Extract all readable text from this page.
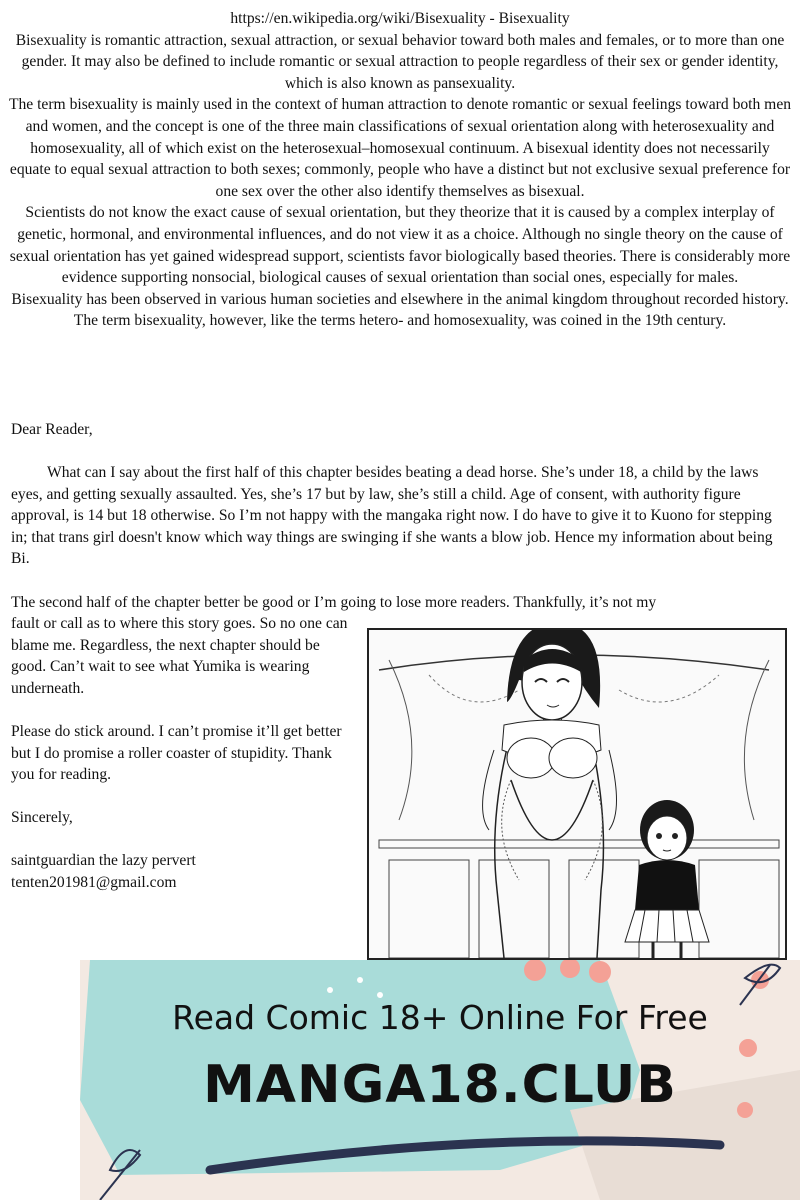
https://en.wikipedia.org/wiki/Bisexuality - Bisexuality

Bisexuality is romantic attraction, sexual attraction, or sexual behavior toward both males and females, or to more than one gender. It may also be defined to include romantic or sexual attraction to people regardless of their sex or gender identity, which is also known as pansexuality.

The term bisexuality is mainly used in the context of human attraction to denote romantic or sexual feelings toward both men and women, and the concept is one of the three main classifications of sexual orientation along with heterosexuality and homosexuality, all of which exist on the heterosexual–homosexual continuum. A bisexual identity does not necessarily equate to equal sexual attraction to both sexes; commonly, people who have a distinct but not exclusive sexual preference for one sex over the other also identify themselves as bisexual.

Scientists do not know the exact cause of sexual orientation, but they theorize that it is caused by a complex interplay of genetic, hormonal, and environmental influences, and do not view it as a choice. Although no single theory on the cause of sexual orientation has yet gained widespread support, scientists favor biologically based theories. There is considerably more evidence supporting nonsocial, biological causes of sexual orientation than social ones, especially for males.

Bisexuality has been observed in various human societies and elsewhere in the animal kingdom throughout recorded history. The term bisexuality, however, like the terms hetero- and homosexuality, was coined in the 19th century.

Dear Reader,
What can I say about the first half of this chapter besides beating a dead horse. She’s under 18, a child by the laws eyes, and getting sexually assaulted. Yes, she’s 17 but by law, she’s still a child. Age of consent, with authority figure approval, is 14 but 18 otherwise. So I’m not happy with the mangaka right now. I do have to give it to Kuono for stepping in; that trans girl doesn't know which way things are swinging if she wants a blow job. Hence my information about being Bi.
The second half of the chapter better be good or I’m going to lose more readers. Thankfully, it’s not my
fault or call as to where this story goes. So no one can blame me. Regardless, the next chapter should be good. Can’t wait to see what Yumika is wearing underneath.
Please do stick around. I can’t promise it’ll get better but I do promise a roller coaster of stupidity. Thank you for reading.
Sincerely,
saintguardian the lazy pervert
tenten201981@gmail.com
Read Comic 18+ Online For Free
MANGA18.CLUB
